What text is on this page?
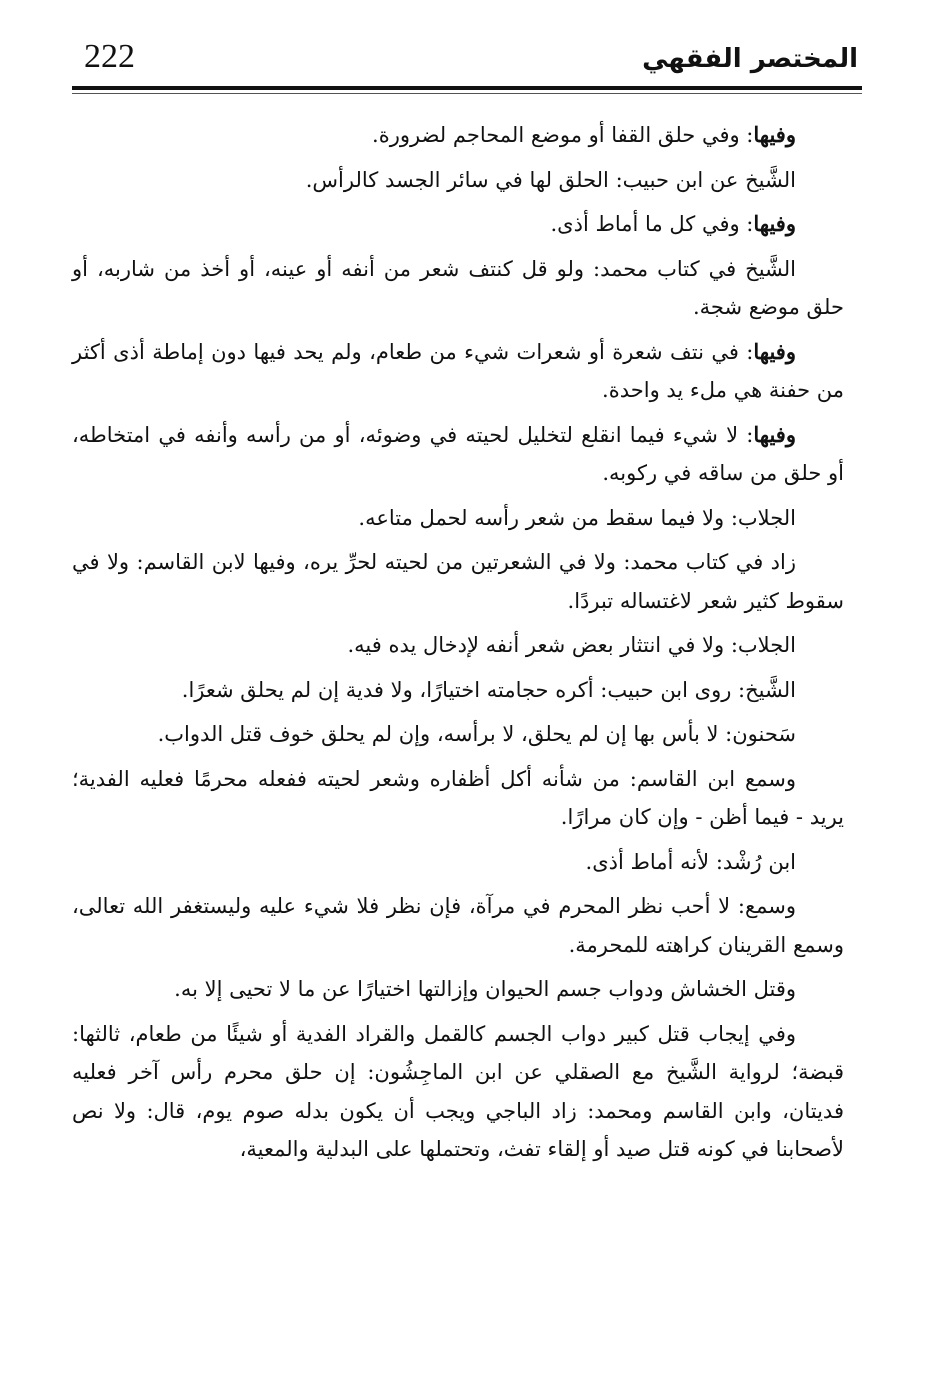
222	المختصر الفقهي

وفيها: وفي حلق القفا أو موضع المحاجم لضرورة.

الشَّيخ عن ابن حبيب: الحلق لها في سائر الجسد كالرأس.

وفيها: وفي كل ما أماط أذى.

الشَّيخ في كتاب محمد: ولو قل كنتف شعر من أنفه أو عينه، أو أخذ من شاربه، أو حلق موضع شجة.

وفيها: في نتف شعرة أو شعرات شيء من طعام، ولم يحد فيها دون إماطة أذى أكثر من حفنة هي ملء يد واحدة.

وفيها: لا شيء فيما انقلع لتخليل لحيته في وضوئه، أو من رأسه وأنفه في امتخاطه، أو حلق من ساقه في ركوبه.

الجلاب: ولا فيما سقط من شعر رأسه لحمل متاعه.

زاد في كتاب محمد: ولا في الشعرتين من لحيته لحرِّ يره، وفيها لابن القاسم: ولا في سقوط كثير شعر لاغتساله تبردًا.

الجلاب: ولا في انتثار بعض شعر أنفه لإدخال يده فيه.

الشَّيخ: روى ابن حبيب: أكره حجامته اختيارًا، ولا فدية إن لم يحلق شعرًا.

سَحنون: لا بأس بها إن لم يحلق، لا برأسه، وإن لم يحلق خوف قتل الدواب.

وسمع ابن القاسم: من شأنه أكل أظفاره وشعر لحيته ففعله محرمًا فعليه الفدية؛ يريد - فيما أظن - وإن كان مرارًا.

ابن رُشْد: لأنه أماط أذى.

وسمع: لا أحب نظر المحرم في مرآة، فإن نظر فلا شيء عليه وليستغفر الله تعالى، وسمع القرينان كراهته للمحرمة.

وقتل الخشاش ودواب جسم الحيوان وإزالتها اختيارًا عن ما لا تحيى إلا به.

وفي إيجاب قتل كبير دواب الجسم كالقمل والقراد الفدية أو شيئًا من طعام، ثالثها: قبضة؛ لرواية الشَّيخ مع الصقلي عن ابن الماجِشُون: إن حلق محرم رأس آخر فعليه فديتان، وابن القاسم ومحمد: زاد الباجي ويجب أن يكون بدله صوم يوم، قال: ولا نص لأصحابنا في كونه قتل صيد أو إلقاء تفث، وتحتملها على البدلية والمعية،
